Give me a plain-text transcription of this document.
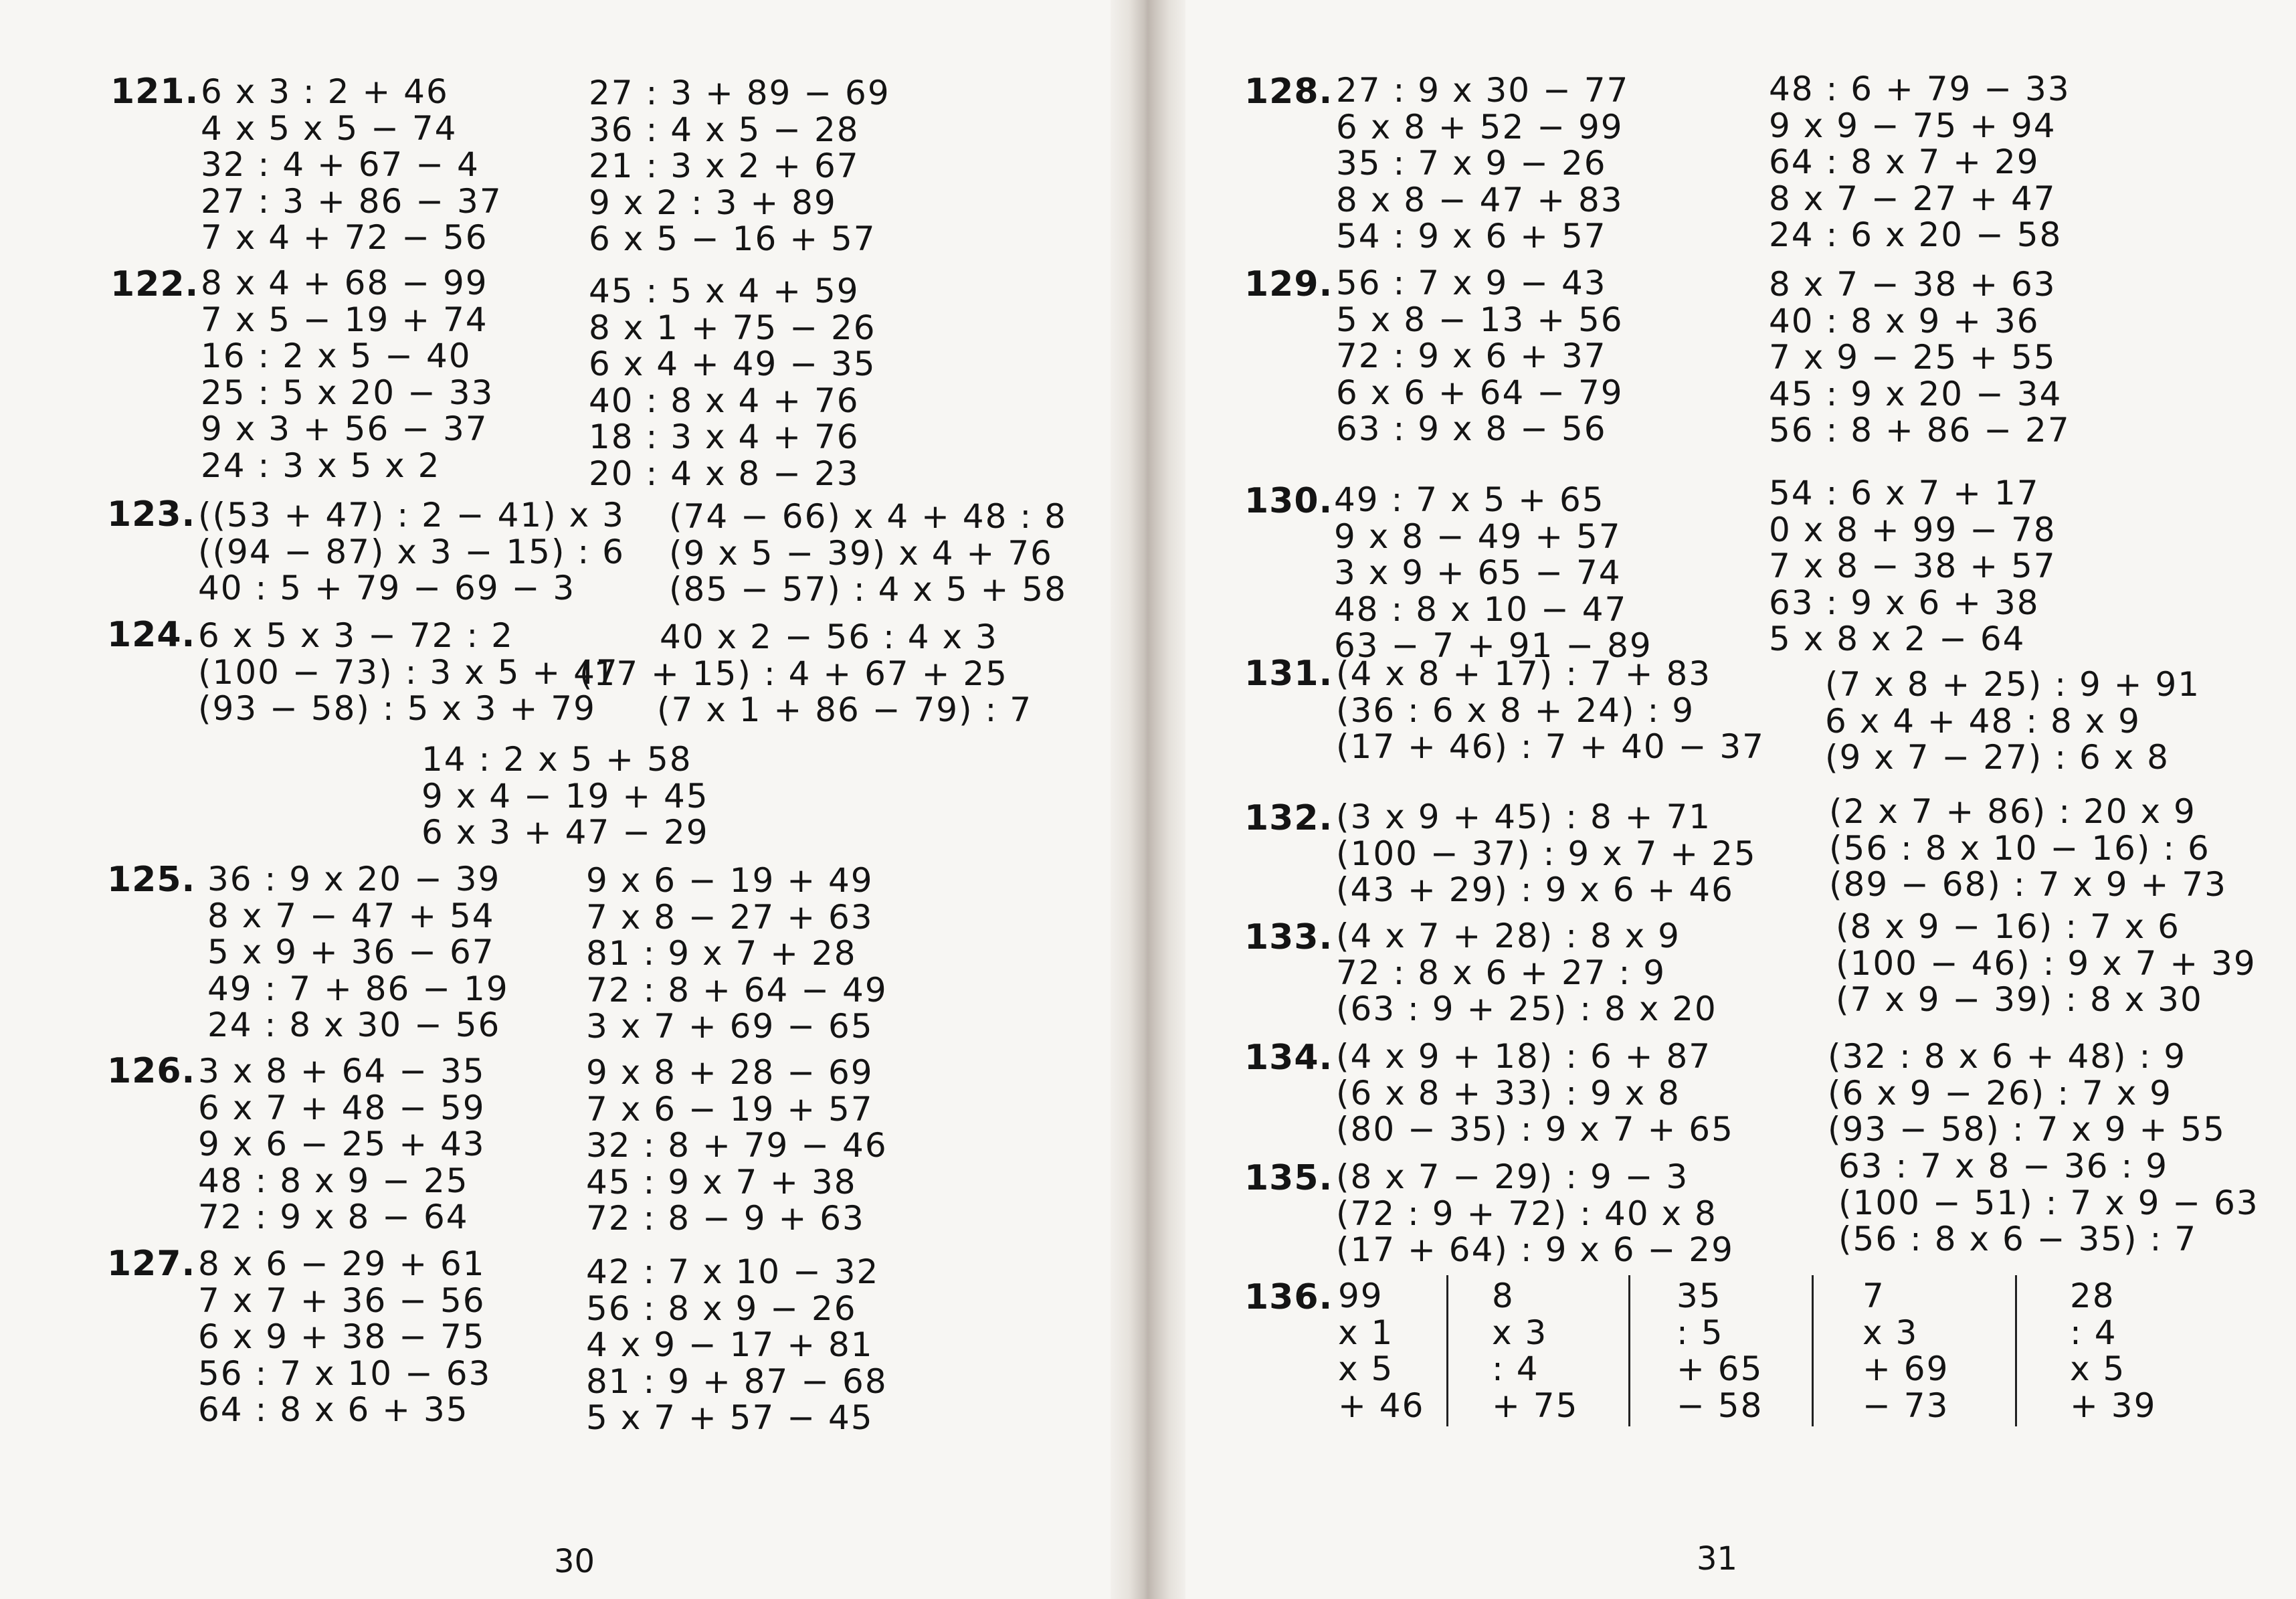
121. 6 x 3 : 2 + 46
4 x 5 x 5 − 74
32 : 4 + 67 − 4
27 : 3 + 86 − 37
7 x 4 + 72 − 56
27 : 3 + 89 − 69
36 : 4 x 5 − 28
21 : 3 x 2 + 67
9 x 2 : 3 + 89
6 x 5 − 16 + 57
122. 8 x 4 + 68 − 99
7 x 5 − 19 + 74
16 : 2 x 5 − 40
25 : 5 x 20 − 33
9 x 3 + 56 − 37
24 : 3 x 5 x 2
45 : 5 x 4 + 59
8 x 1 + 75 − 26
6 x 4 + 49 − 35
40 : 8 x 4 + 76
18 : 3 x 4 + 76
20 : 4 x 8 − 23
123. ((53 + 47) : 2 − 41) x 3
((94 − 87) x 3 − 15) : 6
40 : 5 + 79 − 69 − 3
(74 − 66) x 4 + 48 : 8
(9 x 5 − 39) x 4 + 76
(85 − 57) : 4 x 5 + 58
124. 6 x 5 x 3 − 72 : 2
(100 − 73) : 3 x 5 + 47
(93 − 58) : 5 x 3 + 79
40 x 2 − 56 : 4 x 3
(17 + 15) : 4 + 67 + 25
(7 x 1 + 86 − 79) : 7
14 : 2 x 5 + 58
9 x 4 − 19 + 45
6 x 3 + 47 − 29
125. 36 : 9 x 20 − 39
8 x 7 − 47 + 54
5 x 9 + 36 − 67
49 : 7 + 86 − 19
24 : 8 x 30 − 56
9 x 6 − 19 + 49
7 x 8 − 27 + 63
81 : 9 x 7 + 28
72 : 8 + 64 − 49
3 x 7 + 69 − 65
126. 3 x 8 + 64 − 35
6 x 7 + 48 − 59
9 x 6 − 25 + 43
48 : 8 x 9 − 25
72 : 9 x 8 − 64
9 x 8 + 28 − 69
7 x 6 − 19 + 57
32 : 8 + 79 − 46
45 : 9 x 7 + 38
72 : 8 − 9 + 63
127. 8 x 6 − 29 + 61
7 x 7 + 36 − 56
6 x 9 + 38 − 75
56 : 7 x 10 − 63
64 : 8 x 6 + 35
42 : 7 x 10 − 32
56 : 8 x 9 − 26
4 x 9 − 17 + 81
81 : 9 + 87 − 68
5 x 7 + 57 − 45
30
128. 27 : 9 x 30 − 77
6 x 8 + 52 − 99
35 : 7 x 9 − 26
8 x 8 − 47 + 83
54 : 9 x 6 + 57
48 : 6 + 79 − 33
9 x 9 − 75 + 94
64 : 8 x 7 + 29
8 x 7 − 27 + 47
24 : 6 x 20 − 58
129. 56 : 7 x 9 − 43
5 x 8 − 13 + 56
72 : 9 x 6 + 37
6 x 6 + 64 − 79
63 : 9 x 8 − 56
8 x 7 − 38 + 63
40 : 8 x 9 + 36
7 x 9 − 25 + 55
45 : 9 x 20 − 34
56 : 8 + 86 − 27
130. 49 : 7 x 5 + 65
9 x 8 − 49 + 57
3 x 9 + 65 − 74
48 : 8 x 10 − 47
63 − 7 + 91 − 89
54 : 6 x 7 + 17
0 x 8 + 99 − 78
7 x 8 − 38 + 57
63 : 9 x 6 + 38
5 x 8 x 2 − 64
131. (4 x 8 + 17) : 7 + 83
(36 : 6 x 8 + 24) : 9
(17 + 46) : 7 + 40 − 37
(7 x 8 + 25) : 9 + 91
6 x 4 + 48 : 8 x 9
(9 x 7 − 27) : 6 x 8
132. (3 x 9 + 45) : 8 + 71
(100 − 37) : 9 x 7 + 25
(43 + 29) : 9 x 6 + 46
(2 x 7 + 86) : 20 x 9
(56 : 8 x 10 − 16) : 6
(89 − 68) : 7 x 9 + 73
133. (4 x 7 + 28) : 8 x 9
72 : 8 x 6 + 27 : 9
(63 : 9 + 25) : 8 x 20
(8 x 9 − 16) : 7 x 6
(100 − 46) : 9 x 7 + 39
(7 x 9 − 39) : 8 x 30
134. (4 x 9 + 18) : 6 + 87
(6 x 8 + 33) : 9 x 8
(80 − 35) : 9 x 7 + 65
(32 : 8 x 6 + 48) : 9
(6 x 9 − 26) : 7 x 9
(93 − 58) : 7 x 9 + 55
135. (8 x 7 − 29) : 9 − 3
(72 : 9 + 72) : 40 x 8
(17 + 64) : 9 x 6 − 29
63 : 7 x 8 − 36 : 9
(100 − 51) : 7 x 9 − 63
(56 : 8 x 6 − 35) : 7
136. 99
x 1
x 5
+ 46
8
x 3
: 4
+ 75
35
: 5
+ 65
− 58
7
x 3
+ 69
− 73
28
: 4
x 5
+ 39
31
